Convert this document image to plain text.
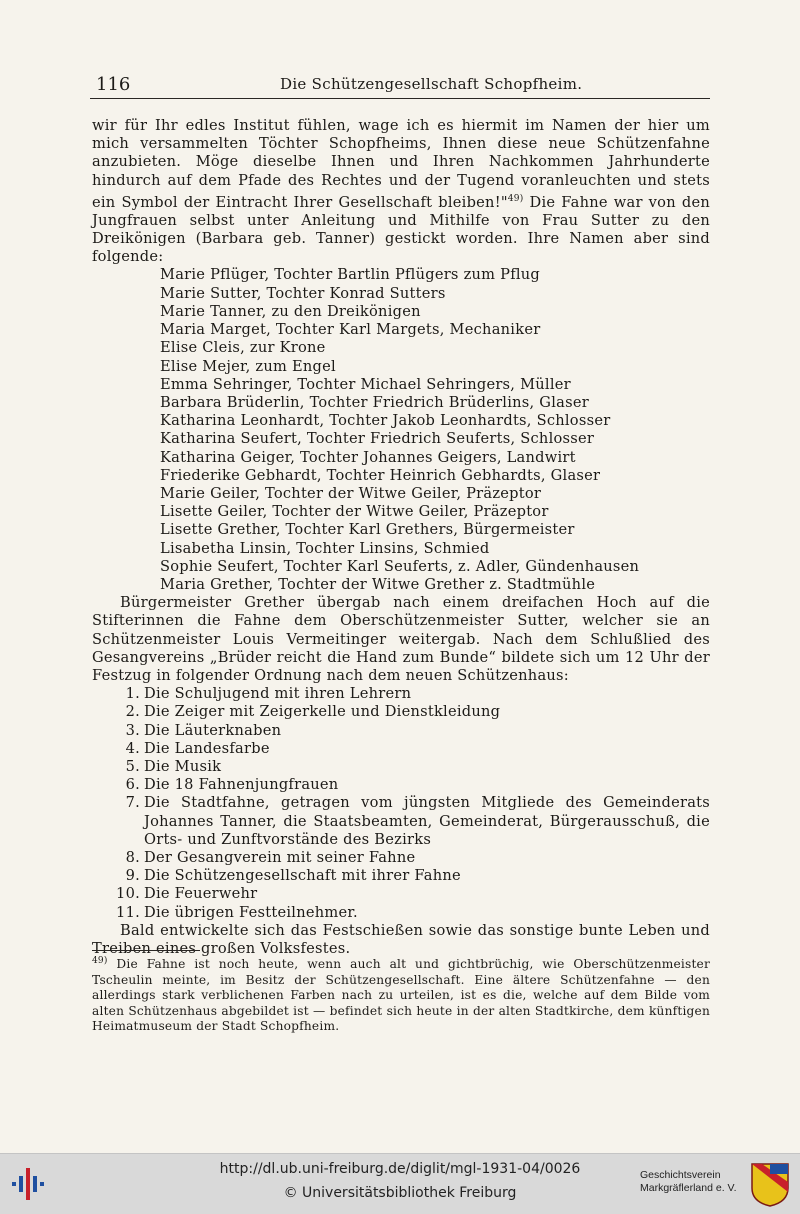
116	Die Schützengesellschaft Schopfheim.

wir für Ihr edles Institut fühlen, wage ich es hiermit im Namen der hier um mich versammelten Töchter Schopfheims, Ihnen diese neue Schützenfahne anzubieten. Möge dieselbe Ihnen und Ihren Nachkommen Jahrhunderte hindurch auf dem Pfade des Rechtes und der Tugend voranleuchten und stets ein Symbol der Eintracht Ihrer Gesellschaft bleiben!"$^{49)}$ Die Fahne war von den Jungfrauen selbst unter Anleitung und Mithilfe von Frau Sutter zu den Dreikönigen (Barbara geb. Tanner) gestickt worden. Ihre Namen aber sind folgende:

Marie Pflüger, Tochter Bartlin Pflügers zum Pflug
Marie Sutter, Tochter Konrad Sutters
Marie Tanner, zu den Dreikönigen
Maria Marget, Tochter Karl Margets, Mechaniker
Elise Cleis, zur Krone
Elise Mejer, zum Engel
Emma Sehringer, Tochter Michael Sehringers, Müller
Barbara Brüderlin, Tochter Friedrich Brüderlins, Glaser
Katharina Leonhardt, Tochter Jakob Leonhardts, Schlosser
Katharina Seufert, Tochter Friedrich Seuferts, Schlosser
Katharina Geiger, Tochter Johannes Geigers, Landwirt
Friederike Gebhardt, Tochter Heinrich Gebhardts, Glaser
Marie Geiler, Tochter der Witwe Geiler, Präzeptor
Lisette Geiler, Tochter der Witwe Geiler, Präzeptor
Lisette Grether, Tochter Karl Grethers, Bürgermeister
Lisabetha Linsin, Tochter Linsins, Schmied
Sophie Seufert, Tochter Karl Seuferts, z. Adler, Gündenhausen
Maria Grether, Tochter der Witwe Grether z. Stadtmühle

Bürgermeister Grether übergab nach einem dreifachen Hoch auf die Stifterinnen die Fahne dem Oberschützenmeister Sutter, welcher sie an Schützenmeister Louis Vermeitinger weitergab. Nach dem Schlußlied des Gesangvereins „Brüder reicht die Hand zum Bunde“ bildete sich um 12 Uhr der Festzug in folgender Ordnung nach dem neuen Schützenhaus:

1. Die Schuljugend mit ihren Lehrern
2. Die Zeiger mit Zeigerkelle und Dienstkleidung
3. Die Läuterknaben
4. Die Landesfarbe
5. Die Musik
6. Die 18 Fahnenjungfrauen
7. Die Stadtfahne, getragen vom jüngsten Mitgliede des Gemeinderats Johannes Tanner, die Staatsbeamten, Gemeinderat, Bürgerausschuß, die Orts- und Zunftvorstände des Bezirks
8. Der Gesangverein mit seiner Fahne
9. Die Schützengesellschaft mit ihrer Fahne
10. Die Feuerwehr
11. Die übrigen Festteilnehmer.

Bald entwickelte sich das Festschießen sowie das sonstige bunte Leben und Treiben eines großen Volksfestes.

$^{49)}$ Die Fahne ist noch heute, wenn auch alt und gichtbrüchig, wie Oberschützenmeister Tscheulin meinte, im Besitz der Schützengesellschaft. Eine ältere Schützenfahne — den allerdings stark verblichenen Farben nach zu urteilen, ist es die, welche auf dem Bilde vom alten Schützenhaus abgebildet ist — befindet sich heute in der alten Stadtkirche, dem künftigen Heimatmuseum der Stadt Schopfheim.
http://dl.ub.uni-freiburg.de/diglit/mgl-1931-04/0026
© Universitätsbibliothek Freiburg
Geschichtsverein
Markgräflerland e. V.
